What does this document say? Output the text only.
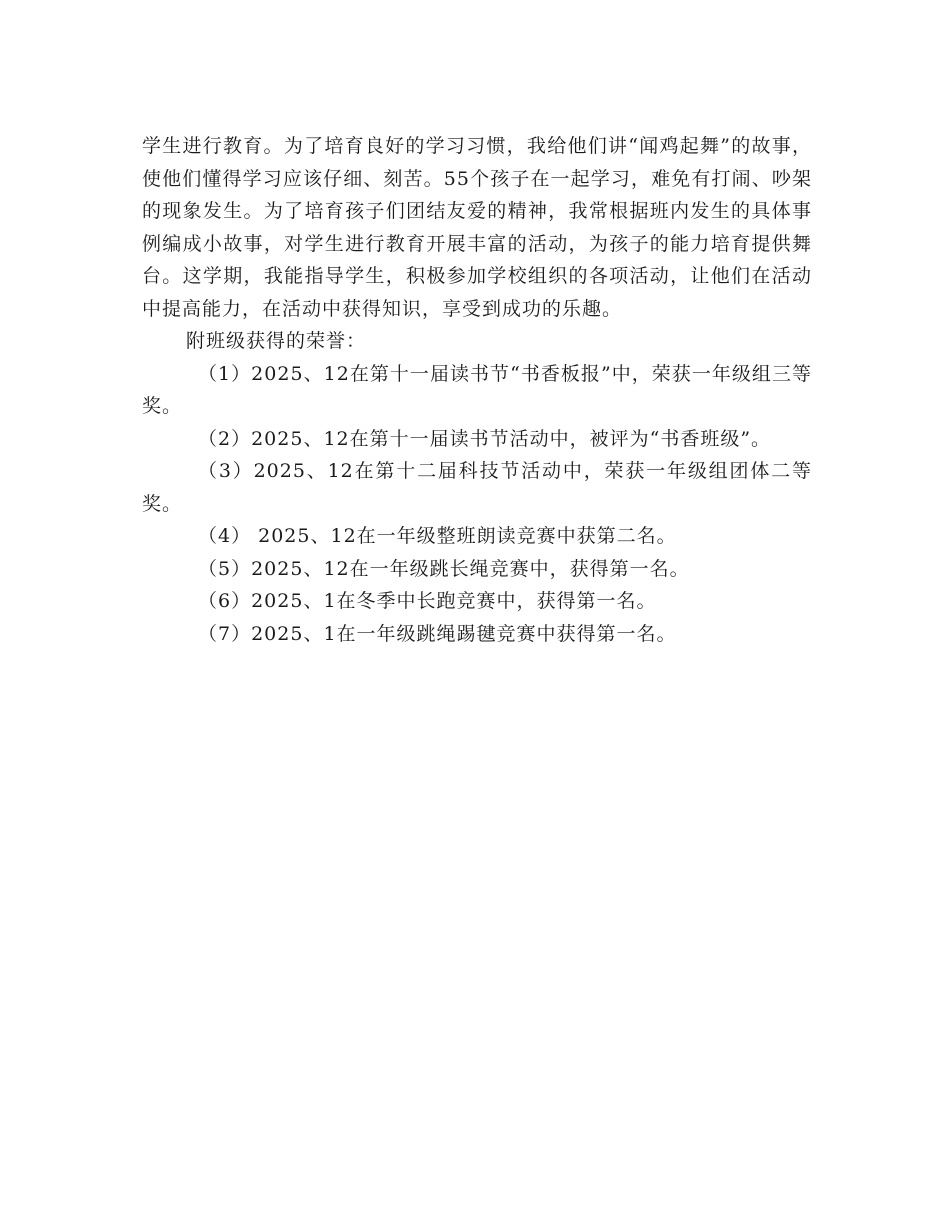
学生进行教育。为了培育良好的学习习惯，我给他们讲“闻鸡起舞”的故事，使他们懂得学习应该仔细、刻苦。55个孩子在一起学习，难免有打闹、吵架的现象发生。为了培育孩子们团结友爱的精神，我常根据班内发生的具体事例编成小故事，对学生进行教育开展丰富的活动，为孩子的能力培育提供舞台。这学期，我能指导学生，积极参加学校组织的各项活动，让他们在活动中提高能力，在活动中获得知识，享受到成功的乐趣。

附班级获得的荣誉：

（1）2025、12在第十一届读书节“书香板报”中，荣获一年级组三等奖。

（2）2025、12在第十一届读书节活动中，被评为“书香班级”。

（3）2025、12在第十二届科技节活动中，荣获一年级组团体二等奖。

（4） 2025、12在一年级整班朗读竞赛中获第二名。

（5）2025、12在一年级跳长绳竞赛中，获得第一名。

（6）2025、1在冬季中长跑竞赛中，获得第一名。

（7）2025、1在一年级跳绳踢毽竞赛中获得第一名。
